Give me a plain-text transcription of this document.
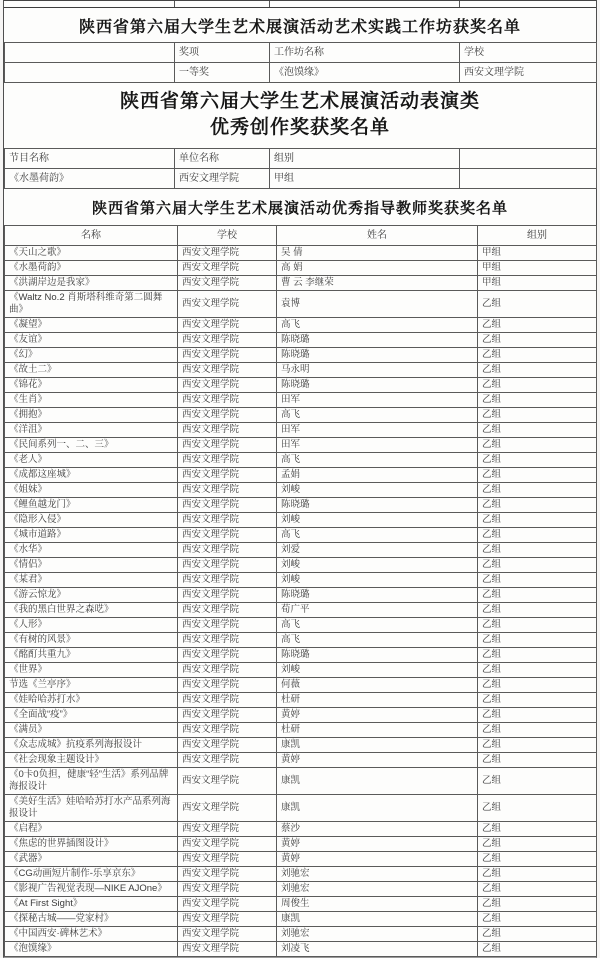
陕西省第六届大学生艺术展演活动艺术实践工作坊获奖名单
	奖项	工作坊名称	学校
	一等奖	《泡馍缘》	西安文理学院
陕西省第六届大学生艺术展演活动表演类
优秀创作奖获奖名单
节目名称	单位名称	组别	
《水墨荷韵》	西安文理学院	甲组	
陕西省第六届大学生艺术展演活动优秀指导教师奖获奖名单
名称	学校	姓名	组别
《天山之歌》	西安文理学院	吴 倩	甲组
《水墨荷韵》	西安文理学院	高 娟	甲组
《洪湖岸边是我家》	西安文理学院	曹 云 李继荣	甲组
《Waltz No.2 肖斯塔科维奇第二圆舞曲》	西安文理学院	袁博	乙组
《凝望》	西安文理学院	高飞	乙组
《友谊》	西安文理学院	陈晓璐	乙组
《幻》	西安文理学院	陈晓璐	乙组
《故土二》	西安文理学院	马永明	乙组
《锦花》	西安文理学院	陈晓璐	乙组
《生肖》	西安文理学院	田军	乙组
《拥抱》	西安文理学院	高飞	乙组
《洋沮》	西安文理学院	田军	乙组
《民间系列一、二、三》	西安文理学院	田军	乙组
《老人》	西安文理学院	高飞	乙组
《成都这座城》	西安文理学院	孟娟	乙组
《姐妹》	西安文理学院	刘峻	乙组
《鲤鱼越龙门》	西安文理学院	陈晓璐	乙组
《隐形入侵》	西安文理学院	刘峻	乙组
《城市道路》	西安文理学院	高飞	乙组
《水华》	西安文理学院	刘爱	乙组
《情侣》	西安文理学院	刘峻	乙组
《某君》	西安文理学院	刘峻	乙组
《游云惊龙》	西安文理学院	陈晓璐	乙组
《我的黑白世界之森呓》	西安文理学院	荀广平	乙组
《人形》	西安文理学院	高飞	乙组
《有树的风景》	西安文理学院	高飞	乙组
《酩酊共重九》	西安文理学院	陈晓璐	乙组
《世界》	西安文理学院	刘峻	乙组
节选《兰亭序》	西安文理学院	何薇	乙组
《娃哈哈苏打水》	西安文理学院	杜研	乙组
《全面战“疫”》	西安文理学院	黄婷	乙组
《满员》	西安文理学院	杜研	乙组
《众志成城》抗疫系列海报设计	西安文理学院	康凯	乙组
《社会现象主题设计》	西安文理学院	黄婷	乙组
《0卡0负担，健康“轻”生活》系列品牌海报设计	西安文理学院	康凯	乙组
《美好生活》娃哈哈苏打水产品系列海报设计	西安文理学院	康凯	乙组
《启程》	西安文理学院	蔡沙	乙组
《焦虑的世界插图设计》	西安文理学院	黄婷	乙组
《武器》	西安文理学院	黄婷	乙组
《CG动画短片制作-乐享京东》	西安文理学院	刘驰宏	乙组
《影视广告视觉表现—NIKE AJOne》	西安文理学院	刘驰宏	乙组
《At First Sight》	西安文理学院	周俊生	乙组
《探秘古城——党家村》	西安文理学院	康凯	乙组
《中国西安·碑林艺术》	西安文理学院	刘驰宏	乙组
《泡馍缘》	西安文理学院	刘凌飞	乙组
